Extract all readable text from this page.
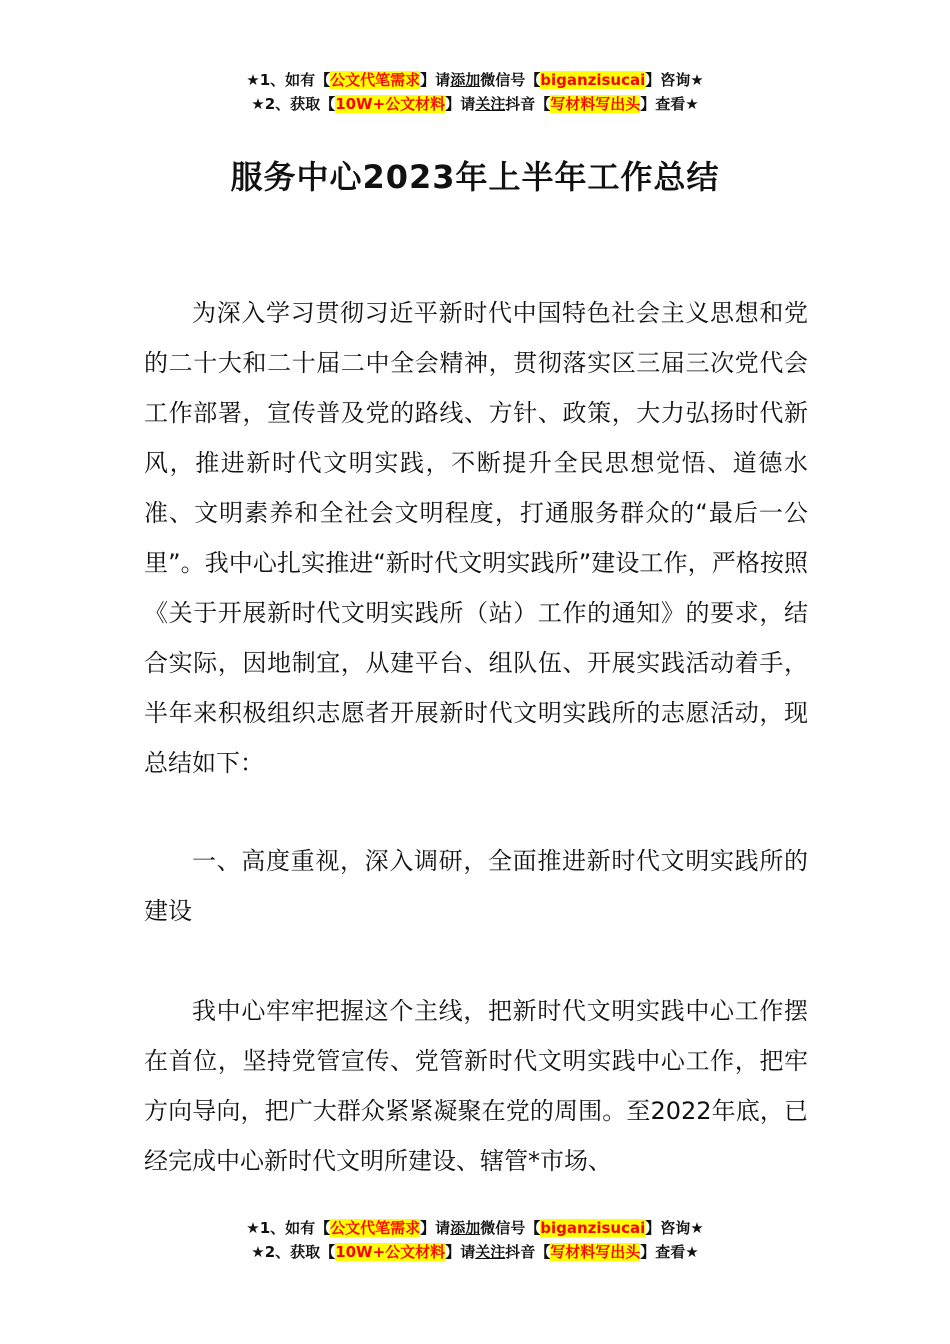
★1、如有【公文代笔需求】请添加微信号【biganzisucai】咨询★
★2、获取【10W+公文材料】请关注抖音【写材料写出头】查看★
服务中心2023年上半年工作总结

为深入学习贯彻习近平新时代中国特色社会主义思想和党的二十大和二十届二中全会精神，贯彻落实区三届三次党代会工作部署，宣传普及党的路线、方针、政策，大力弘扬时代新风，推进新时代文明实践，不断提升全民思想觉悟、道德水准、文明素养和全社会文明程度，打通服务群众的“最后一公里”。我中心扎实推进“新时代文明实践所”建设工作，严格按照《关于开展新时代文明实践所（站）工作的通知》的要求，结合实际，因地制宜，从建平台、组队伍、开展实践活动着手，半年来积极组织志愿者开展新时代文明实践所的志愿活动，现总结如下：

一、高度重视，深入调研，全面推进新时代文明实践所的建设

我中心牢牢把握这个主线，把新时代文明实践中心工作摆在首位，坚持党管宣传、党管新时代文明实践中心工作，把牢方向导向，把广大群众紧紧凝聚在党的周围。至2022年底，已经完成中心新时代文明所建设、辖管*市场、

★1、如有【公文代笔需求】请添加微信号【biganzisucai】咨询★
★2、获取【10W+公文材料】请关注抖音【写材料写出头】查看★
